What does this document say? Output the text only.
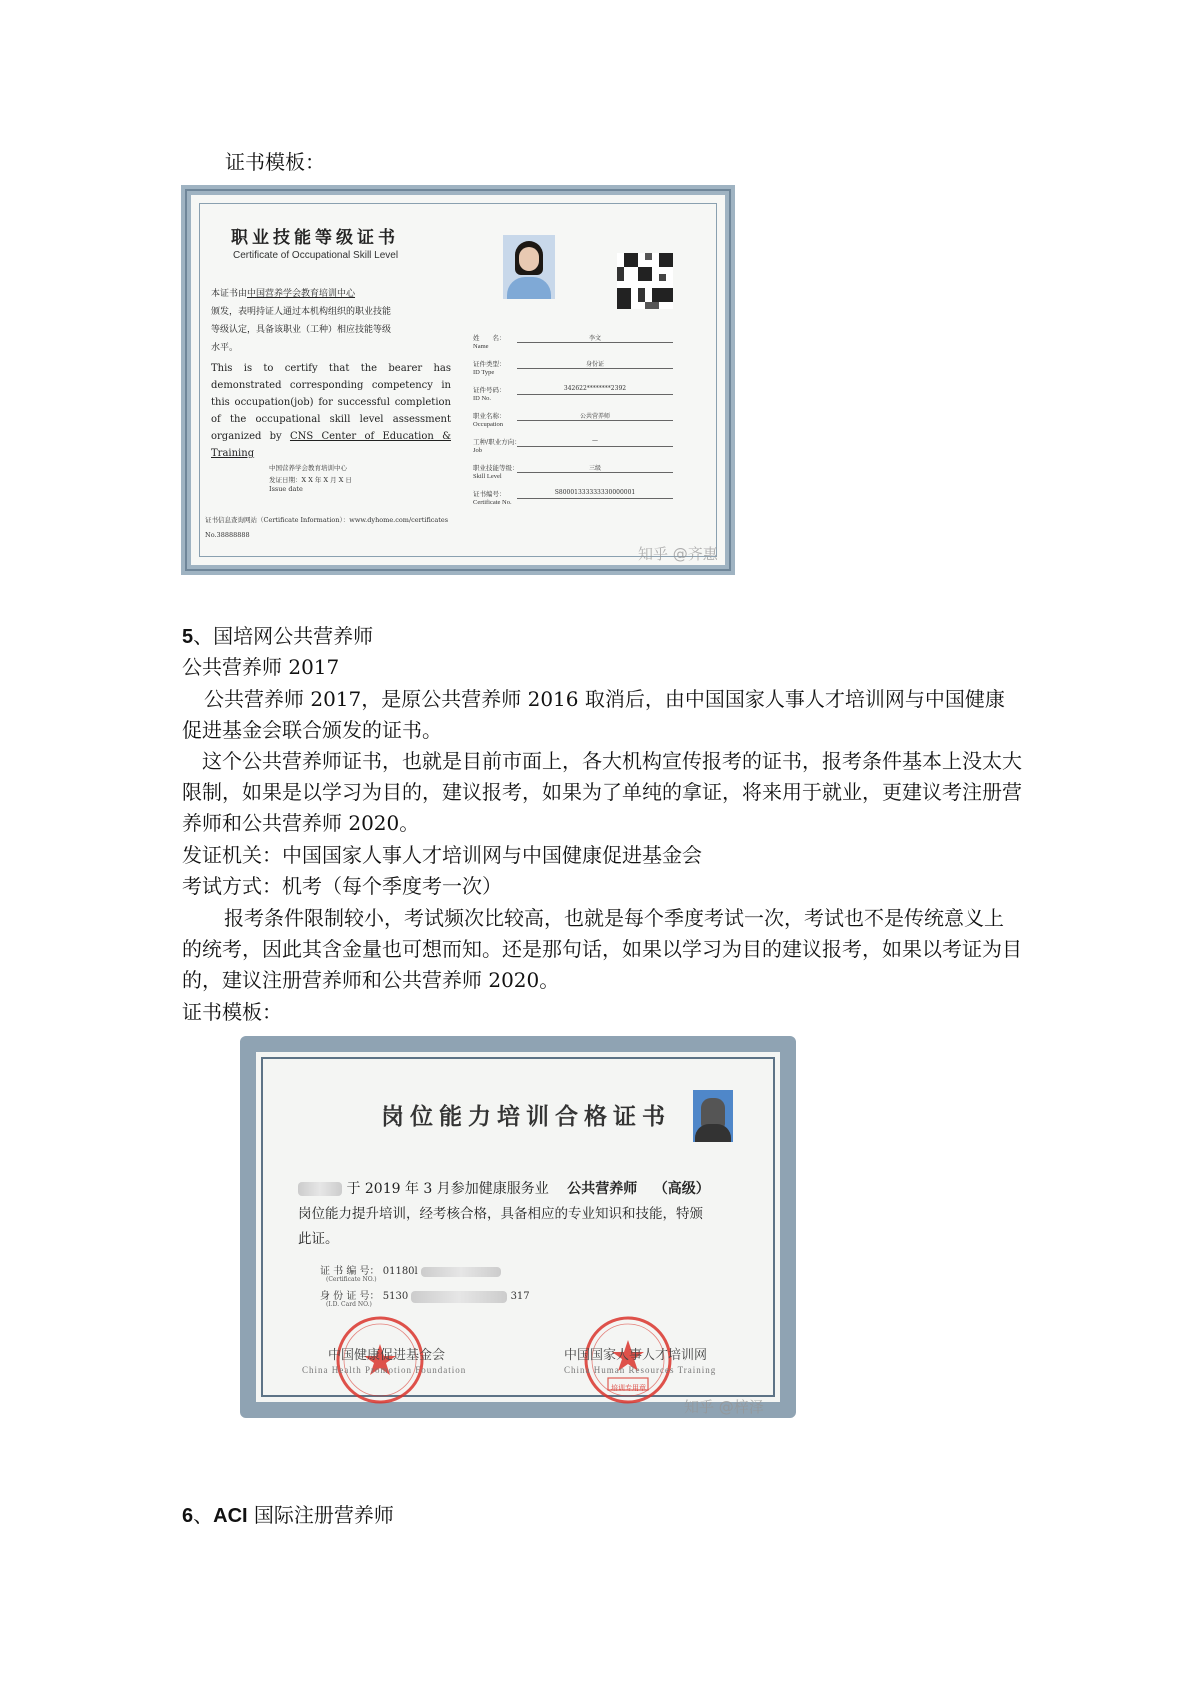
证书模板：
职业技能等级证书
Certificate of Occupational Skill Level
本证书由中国营养学会教育培训中心
颁发，表明持证人通过本机构组织的职业技能
等级认定，具备该职业（工种）相应技能等级
水平。
This is to certify that the bearer has demonstrated corresponding competency in this occupation(job) for successful completion of the occupational skill level assessment organized by CNS Center of Education & Training
中国营养学会教育培训中心
发证日期：X X 年 X 月 X 日
Issue date
证书信息查询网站（Certificate Information）：www.dyhome.com/certificates
No.38888888
姓　　名：
Name
李文
证件类型：
ID Type
身份证
证件号码：
ID No.
342622********2392
职业名称：
Occupation
公共营养师
工种/职业方向：
Job
—
职业技能等级：
Skill Level
三级
证书编号：
Certificate No.
S80001333333330000001
知乎 @齐惠
5、国培网公共营养师
公共营养师 2017
公共营养师 2017，是原公共营养师 2016 取消后，由中国国家人事人才培训网与中国健康促进基金会联合颁发的证书。
这个公共营养师证书，也就是目前市面上，各大机构宣传报考的证书，报考条件基本上没太大限制，如果是以学习为目的，建议报考，如果为了单纯的拿证，将来用于就业，更建议考注册营养师和公共营养师 2020。
发证机关：中国国家人事人才培训网与中国健康促进基金会
考试方式：机考（每个季度考一次）
报考条件限制较小，考试频次比较高，也就是每个季度考试一次，考试也不是传统意义上的统考，因此其含金量也可想而知。还是那句话，如果以学习为目的建议报考，如果以考证为目的，建议注册营养师和公共营养师 2020。
证书模板：
岗位能力培训合格证书
于 2019 年 3 月参加健康服务业 公共营养师 （高级）
岗位能力提升培训，经考核合格，具备相应的专业知识和技能，特颁
此证。
证 书 编 号： 01180l
(Certificate NO.)
身 份 证 号： 5130	317
(I.D. Card NO.)
培训专用章
中国健康促进基金会
China Health Promotion Foundation
中国国家人事人才培训网
China Human Resources Training
知乎 @梓泽
6、ACI 国际注册营养师
